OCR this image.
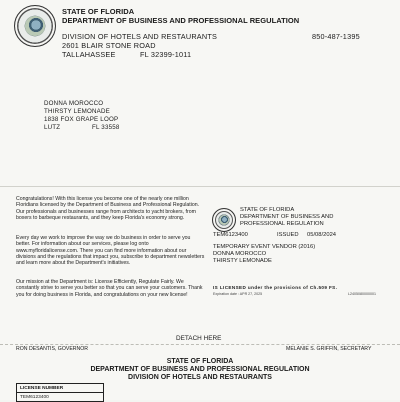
STATE OF FLORIDA
DEPARTMENT OF BUSINESS AND PROFESSIONAL REGULATION
DIVISION OF HOTELS AND RESTAURANTS	850-487-1395
2601 BLAIR STONE ROAD
TALLAHASSEE	FL 32399-1011
DONNA MOROCCO
THIRSTY LEMONADE
1838 FOX GRAPE LOOP
LUTZ	FL 33558
Congratulations! With this license you become one of the nearly one million Floridians licensed by the Department of Business and Professional Regulation. Our professionals and businesses range from architects to yacht brokers, from boxers to barbeque restaurants, and they keep Florida's economy strong.
Every day we work to improve the way we do business in order to serve you better. For information about our services, please log onto www.myfloridalicense.com. There you can find more information about our divisions and the regulations that impact you, subscribe to department newsletters and learn more about the Department's initiatives.
Our mission at the Department is: License Efficiently, Regulate Fairly. We constantly strive to serve you better so that you can serve your customers. Thank you for doing business in Florida, and congratulations on your new license!
STATE OF FLORIDA
DEPARTMENT OF BUSINESS AND
PROFESSIONAL REGULATION
TEM6123400	ISSUED 05/08/2024
TEMPORARY EVENT VENDOR (2016)
DONNA MOROCCO
THIRSTY LEMONADE
IS LICENSED under the provisions of Ch.509 FS.
Expiration date : APR 27, 2025	L2405080000001
DETACH HERE
RON DESANTIS, GOVERNOR	MELANIE S. GRIFFIN, SECRETARY
STATE OF FLORIDA
DEPARTMENT OF BUSINESS AND PROFESSIONAL REGULATION
DIVISION OF HOTELS AND RESTAURANTS
LICENSE NUMBER
TEM6123400
